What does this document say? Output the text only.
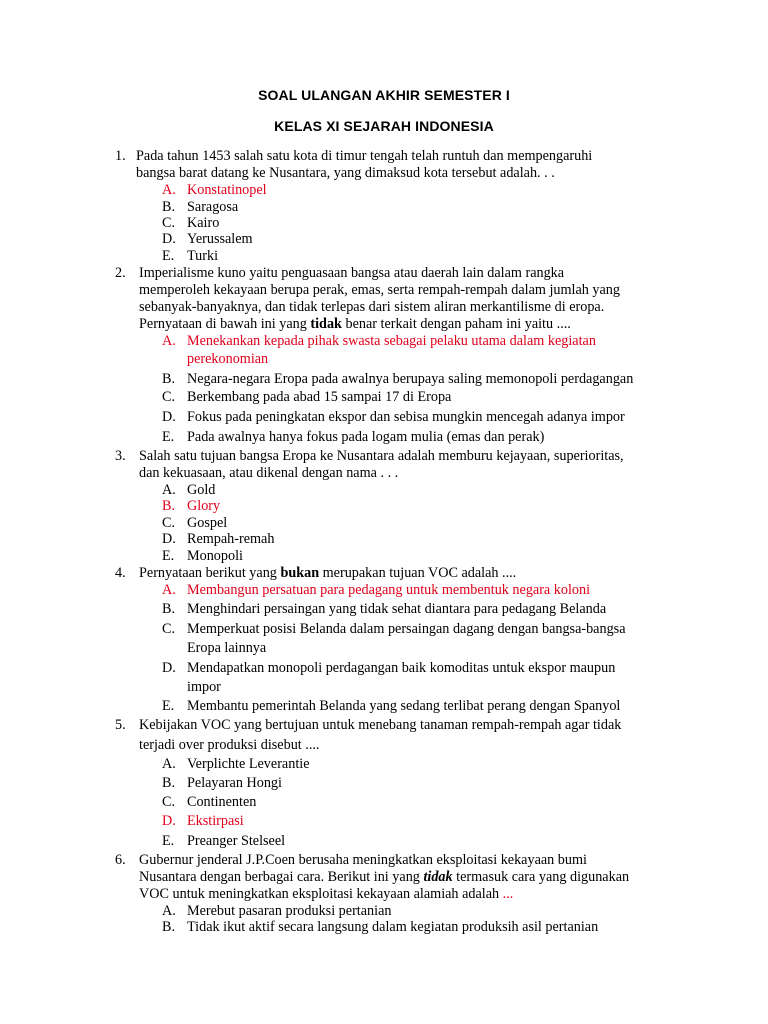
SOAL ULANGAN AKHIR SEMESTER I
KELAS XI SEJARAH INDONESIA
1. Pada tahun 1453 salah satu kota di timur tengah telah runtuh dan mempengaruhi
bangsa barat datang ke Nusantara, yang dimaksud kota tersebut adalah. . .
A. Konstatinopel
B. Saragosa
C. Kairo
D. Yerussalem
E. Turki
2. Imperialisme kuno yaitu penguasaan bangsa atau daerah lain dalam rangka
memperoleh kekayaan berupa perak, emas, serta rempah-rempah dalam jumlah yang
sebanyak-banyaknya, dan tidak terlepas dari sistem aliran merkantilisme di eropa.
Pernyataan di bawah ini yang tidak benar terkait dengan paham ini yaitu ....
A. Menekankan kepada pihak swasta sebagai pelaku utama dalam kegiatan
perekonomian
B. Negara-negara Eropa pada awalnya berupaya saling memonopoli perdagangan
C. Berkembang pada abad 15 sampai 17 di Eropa
D. Fokus pada peningkatan ekspor dan sebisa mungkin mencegah adanya impor
E. Pada awalnya hanya fokus pada logam mulia (emas dan perak)
3. Salah satu tujuan bangsa Eropa ke Nusantara adalah memburu kejayaan, superioritas,
dan kekuasaan, atau dikenal dengan nama . . .
A. Gold
B. Glory
C. Gospel
D. Rempah-remah
E. Monopoli
4. Pernyataan berikut yang bukan merupakan tujuan VOC adalah ....
A. Membangun persatuan para pedagang untuk membentuk negara koloni
B. Menghindari persaingan yang tidak sehat diantara para pedagang Belanda
C. Memperkuat posisi Belanda dalam persaingan dagang dengan bangsa-bangsa
Eropa lainnya
D. Mendapatkan monopoli perdagangan baik komoditas untuk ekspor maupun
impor
E. Membantu pemerintah Belanda yang sedang terlibat perang dengan Spanyol
5. Kebijakan VOC yang bertujuan untuk menebang tanaman rempah-rempah agar tidak
terjadi over produksi disebut ....
A. Verplichte Leverantie
B. Pelayaran Hongi
C. Continenten
D. Ekstirpasi
E. Preanger Stelseel
6. Gubernur jenderal J.P.Coen berusaha meningkatkan eksploitasi kekayaan bumi
Nusantara dengan berbagai cara. Berikut ini yang tidak termasuk cara yang digunakan
VOC untuk meningkatkan eksploitasi kekayaan alamiah adalah ...
A. Merebut pasaran produksi pertanian
B. Tidak ikut aktif secara langsung dalam kegiatan produksih asil pertanian
